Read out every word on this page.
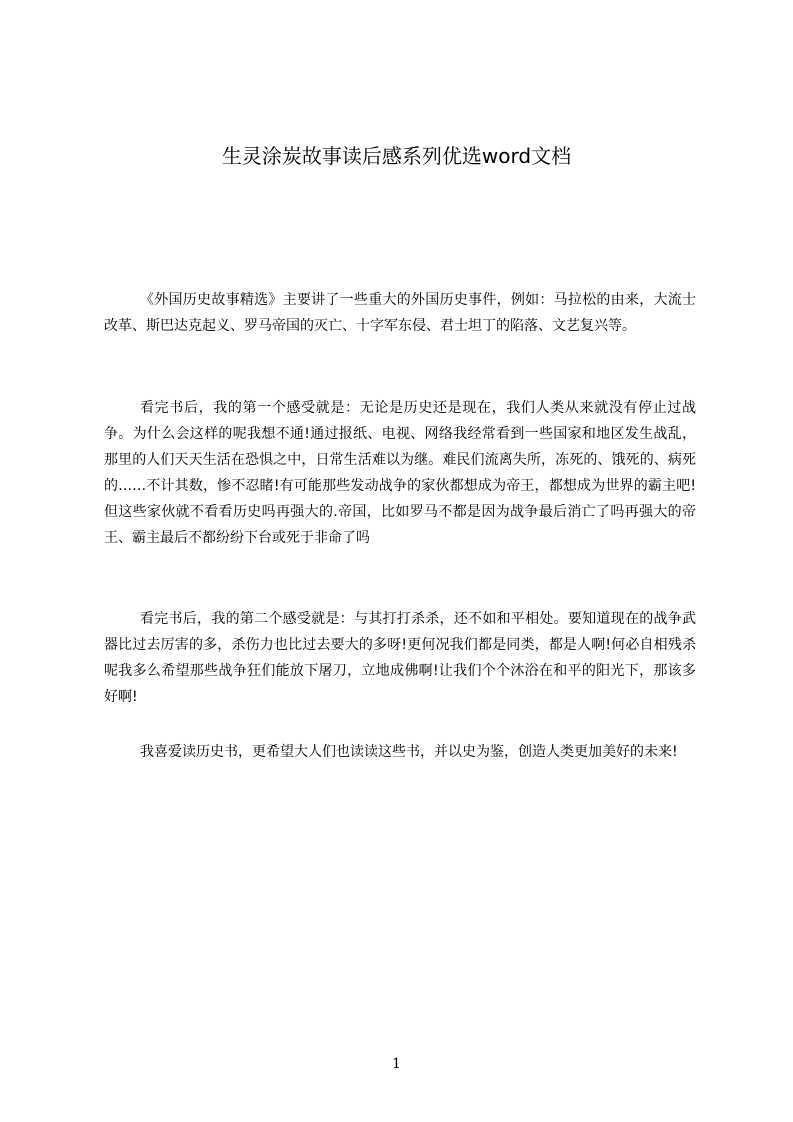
生灵涂炭故事读后感系列优选word文档

《外国历史故事精选》主要讲了一些重大的外国历史事件，例如：马拉松的由来，大流士改革、斯巴达克起义、罗马帝国的灭亡、十字军东侵、君士坦丁的陷落、文艺复兴等。

看完书后，我的第一个感受就是：无论是历史还是现在，我们人类从来就没有停止过战争。为什么会这样的呢我想不通!通过报纸、电视、网络我经常看到一些国家和地区发生战乱，那里的人们天天生活在恐惧之中，日常生活难以为继。难民们流离失所，冻死的、饿死的、病死的……不计其数，惨不忍睹!有可能那些发动战争的家伙都想成为帝王，都想成为世界的霸主吧!但这些家伙就不看看历史吗再强大的.帝国，比如罗马不都是因为战争最后消亡了吗再强大的帝王、霸主最后不都纷纷下台或死于非命了吗

看完书后，我的第二个感受就是：与其打打杀杀，还不如和平相处。要知道现在的战争武器比过去厉害的多，杀伤力也比过去要大的多呀!更何况我们都是同类，都是人啊!何必自相残杀呢我多么希望那些战争狂们能放下屠刀，立地成佛啊!让我们个个沐浴在和平的阳光下，那该多好啊!

我喜爱读历史书，更希望大人们也读读这些书，并以史为鉴，创造人类更加美好的未来!

1
